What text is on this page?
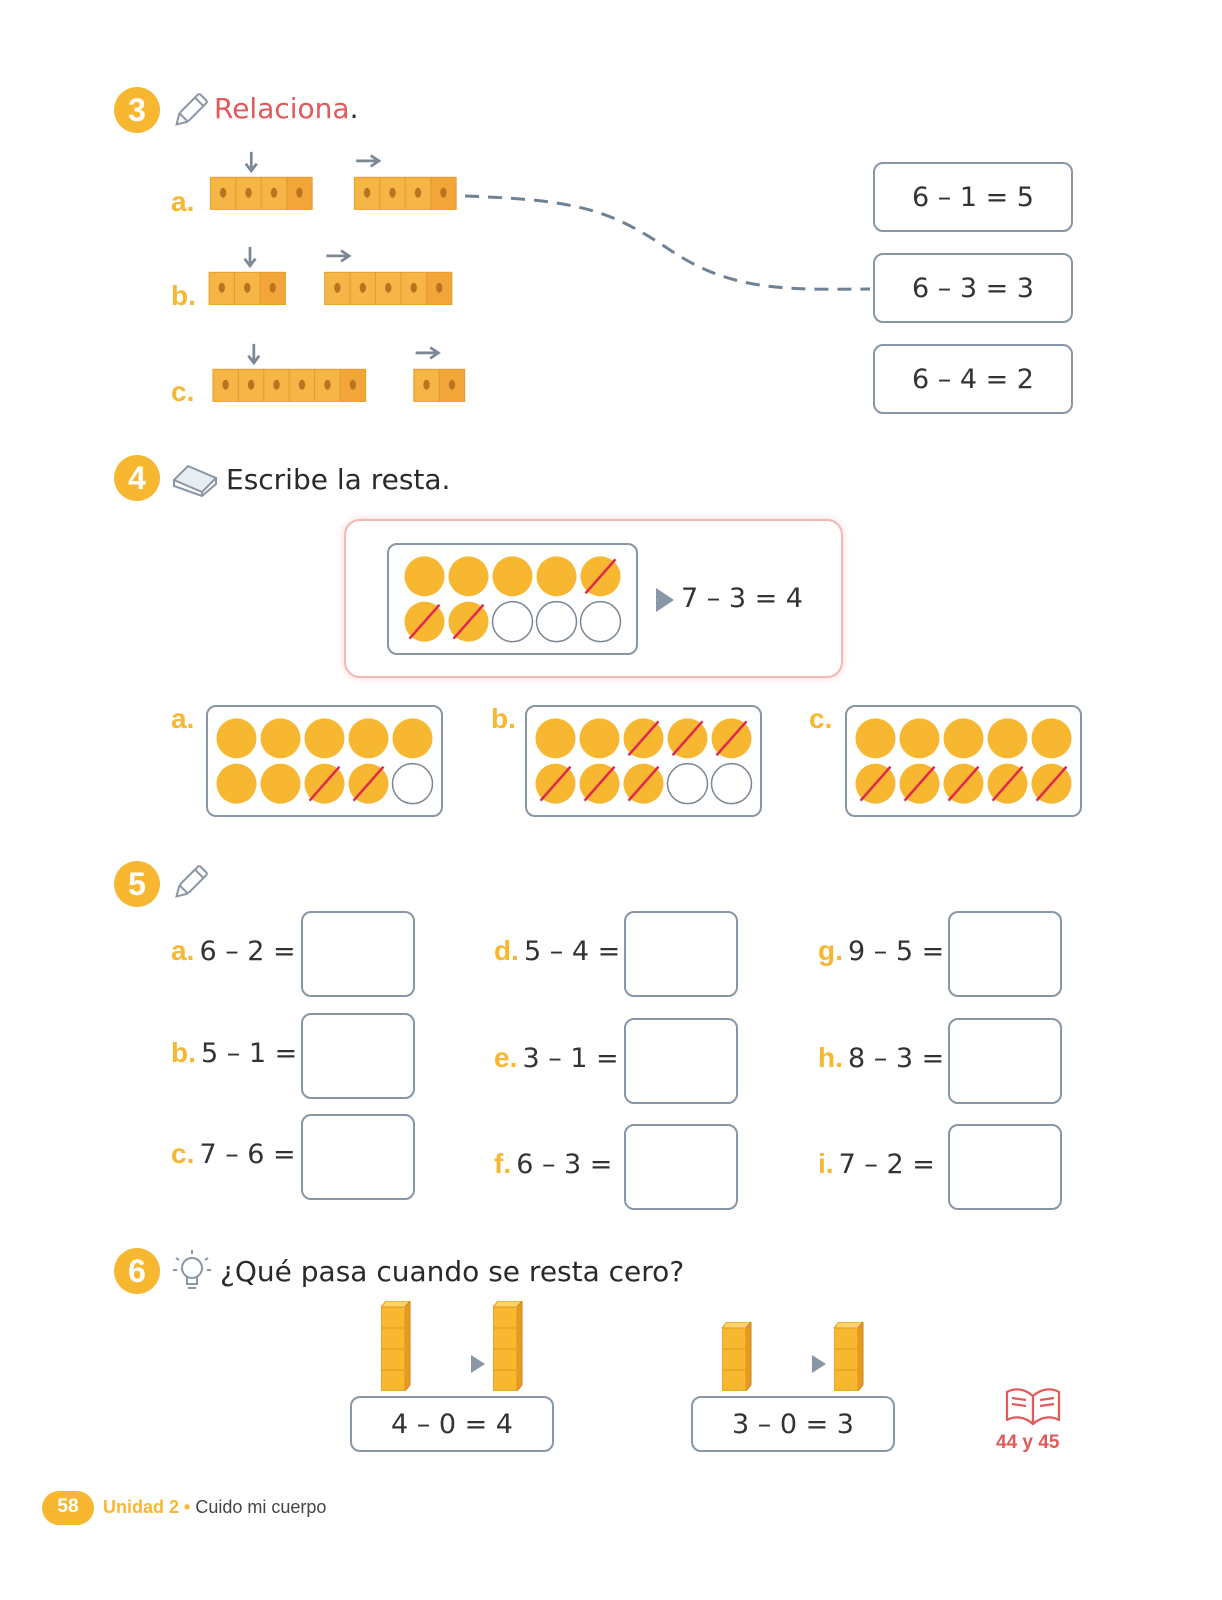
3	Relaciona.
a.
b.
c.
6 – 1 = 5
6 – 3 = 3
6 – 4 = 2
4	Escribe la resta.
7 – 3 = 4
a.	b.	c.
5
a. 6 – 2 =
b. 5 – 1 =
c. 7 – 6 =
d. 5 – 4 =
e. 3 – 1 =
f. 6 – 3 =
g. 9 – 5 =
h. 8 – 3 =
i. 7 – 2 =
6	¿Qué pasa cuando se resta cero?
4 – 0 = 4	3 – 0 = 3
44 y 45
58	Unidad 2 • Cuido mi cuerpo
